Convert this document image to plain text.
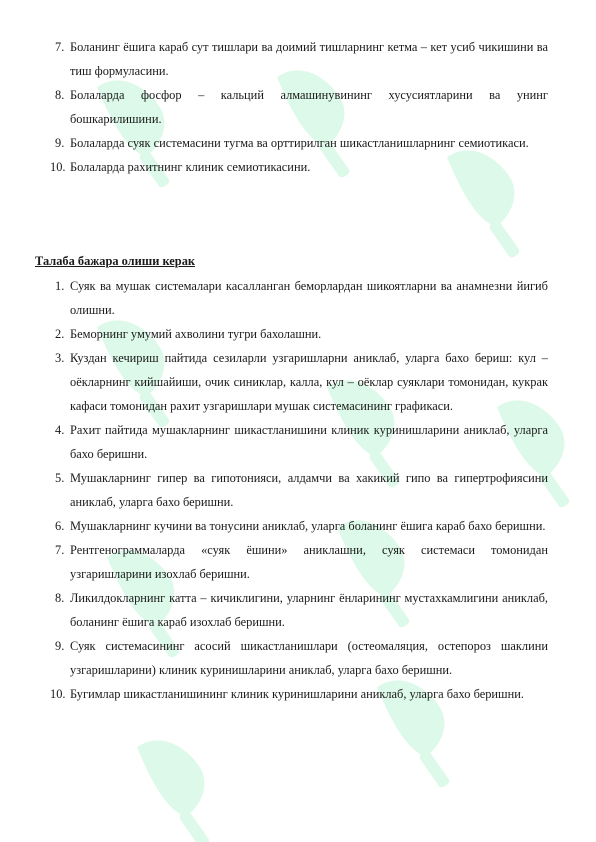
7. Боланинг ёшига караб сут тишлари ва доимий тишларнинг кетма – кет усиб чикишини ва тиш формуласини.
8. Болаларда фосфор – кальций алмашинувининг хусусиятларини ва унинг бошкарилишини.
9. Болаларда суяк системасини тугма ва орттирилган шикастланишларнинг семиотикаси.
10. Болаларда рахитнинг клиник семиотикасини.
Талаба бажара олиши керак
1. Суяк ва мушак системалари касалланган беморлардан шикоятларни ва анамнезни йигиб олишни.
2. Беморнинг умумий ахволини тугри бахолашни.
3. Куздан кечириш пайтида сезиларли узгаришларни аниклаб, уларга бахо бериш: кул – оёкларнинг кийшайиши, очик синиклар, калла, кул – оёклар суяклари томонидан, кукрак кафаси томонидан рахит узгаришлари мушак системасининг графикаси.
4. Рахит пайтида мушакларнинг шикастланишини клиник куринишларини аниклаб, уларга бахо беришни.
5. Мушакларнинг гипер ва гипотонияси, алдамчи ва хакикий гипо ва гипертрофиясини аниклаб, уларга бахо беришни.
6. Мушакларнинг кучини ва тонусини аниклаб, уларга боланинг ёшига караб бахо беришни.
7. Рентгенограммаларда «суяк ёшини» аниклашни, суяк системаси томонидан узгаришларини изохлаб беришни.
8. Ликилдокларнинг катта – кичиклигини, уларнинг ёнларининг мустахкамлигини аниклаб, боланинг ёшига караб изохлаб беришни.
9. Суяк системасининг асосий шикастланишлари (остеомаляция, остепороз шаклини узгаришларини) клиник куринишларини аниклаб, уларга бахо беришни.
10. Бугимлар шикастланишининг клиник куринишларини аниклаб, уларга бахо беришни.
